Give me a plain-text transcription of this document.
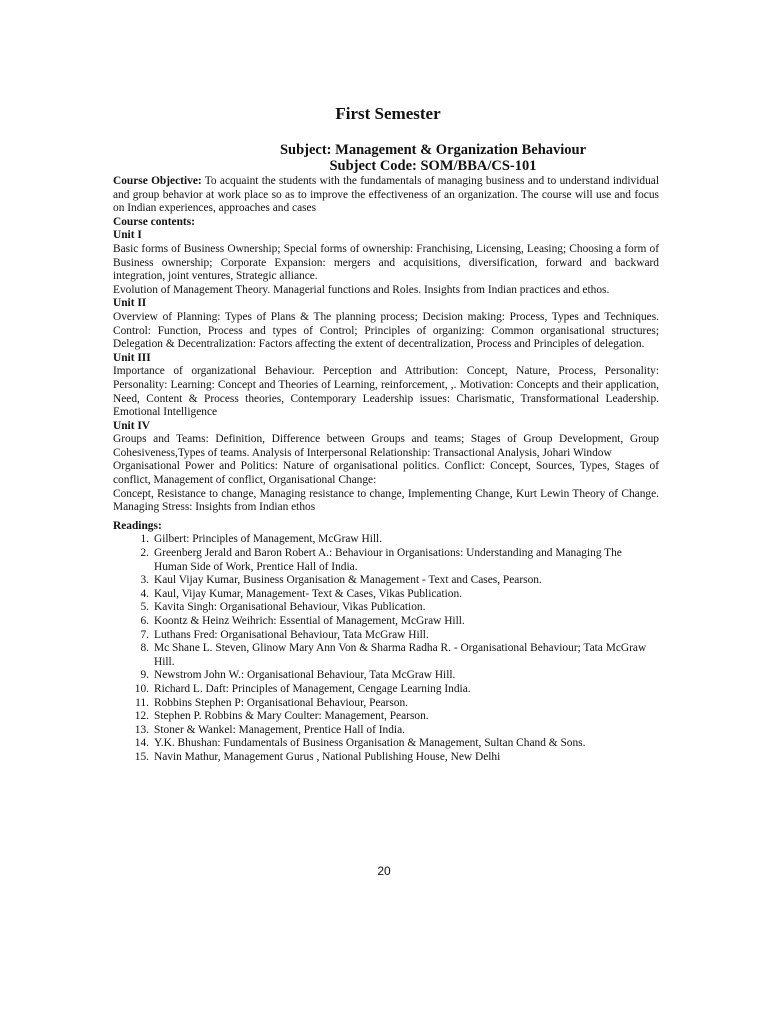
First Semester
Subject: Management & Organization Behaviour
Subject Code: SOM/BBA/CS-101

Course Objective: To acquaint the students with the fundamentals of managing business and to understand individual and group behavior at work place so as to improve the effectiveness of an organization. The course will use and focus on Indian experiences, approaches and cases

Course contents:

Unit I

Basic forms of Business Ownership; Special forms of ownership: Franchising, Licensing, Leasing; Choosing a form of Business ownership; Corporate Expansion: mergers and acquisitions, diversification, forward and backward integration, joint ventures, Strategic alliance.

Evolution of Management Theory. Managerial functions and Roles. Insights from Indian practices and ethos.

Unit II

Overview of Planning: Types of Plans & The planning process; Decision making: Process, Types and Techniques. Control: Function, Process and types of Control; Principles of organizing: Common organisational structures; Delegation & Decentralization: Factors affecting the extent of decentralization, Process and Principles of delegation.

Unit III

Importance of organizational Behaviour. Perception and Attribution: Concept, Nature, Process, Personality: Personality: Learning: Concept and Theories of Learning, reinforcement, ,. Motivation: Concepts and their application, Need, Content & Process theories, Contemporary Leadership issues: Charismatic, Transformational Leadership. Emotional Intelligence

Unit IV

Groups and Teams: Definition, Difference between Groups and teams; Stages of Group Development, Group Cohesiveness,Types of teams. Analysis of Interpersonal Relationship: Transactional Analysis, Johari Window

Organisational Power and Politics: Nature of organisational politics. Conflict: Concept, Sources, Types, Stages of conflict, Management of conflict, Organisational Change:

Concept, Resistance to change, Managing resistance to change, Implementing Change, Kurt Lewin Theory of Change. Managing Stress: Insights from Indian ethos

Readings:

1. Gilbert: Principles of Management, McGraw Hill.
2. Greenberg Jerald and Baron Robert A.: Behaviour in Organisations: Understanding and Managing The Human Side of Work, Prentice Hall of India.
3. Kaul Vijay Kumar, Business Organisation & Management - Text and Cases, Pearson.
4. Kaul, Vijay Kumar, Management- Text & Cases, Vikas Publication.
5. Kavita Singh: Organisational Behaviour, Vikas Publication.
6. Koontz & Heinz Weihrich: Essential of Management, McGraw Hill.
7. Luthans Fred: Organisational Behaviour, Tata McGraw Hill.
8. Mc Shane L. Steven, Glinow Mary Ann Von & Sharma Radha R. - Organisational Behaviour; Tata McGraw Hill.
9. Newstrom John W.: Organisational Behaviour, Tata McGraw Hill.
10. Richard L. Daft: Principles of Management, Cengage Learning India.
11. Robbins Stephen P: Organisational Behaviour, Pearson.
12. Stephen P. Robbins & Mary Coulter: Management, Pearson.
13. Stoner & Wankel: Management, Prentice Hall of India.
14. Y.K. Bhushan: Fundamentals of Business Organisation & Management, Sultan Chand & Sons.
15. Navin Mathur, Management Gurus , National Publishing House, New Delhi
20
